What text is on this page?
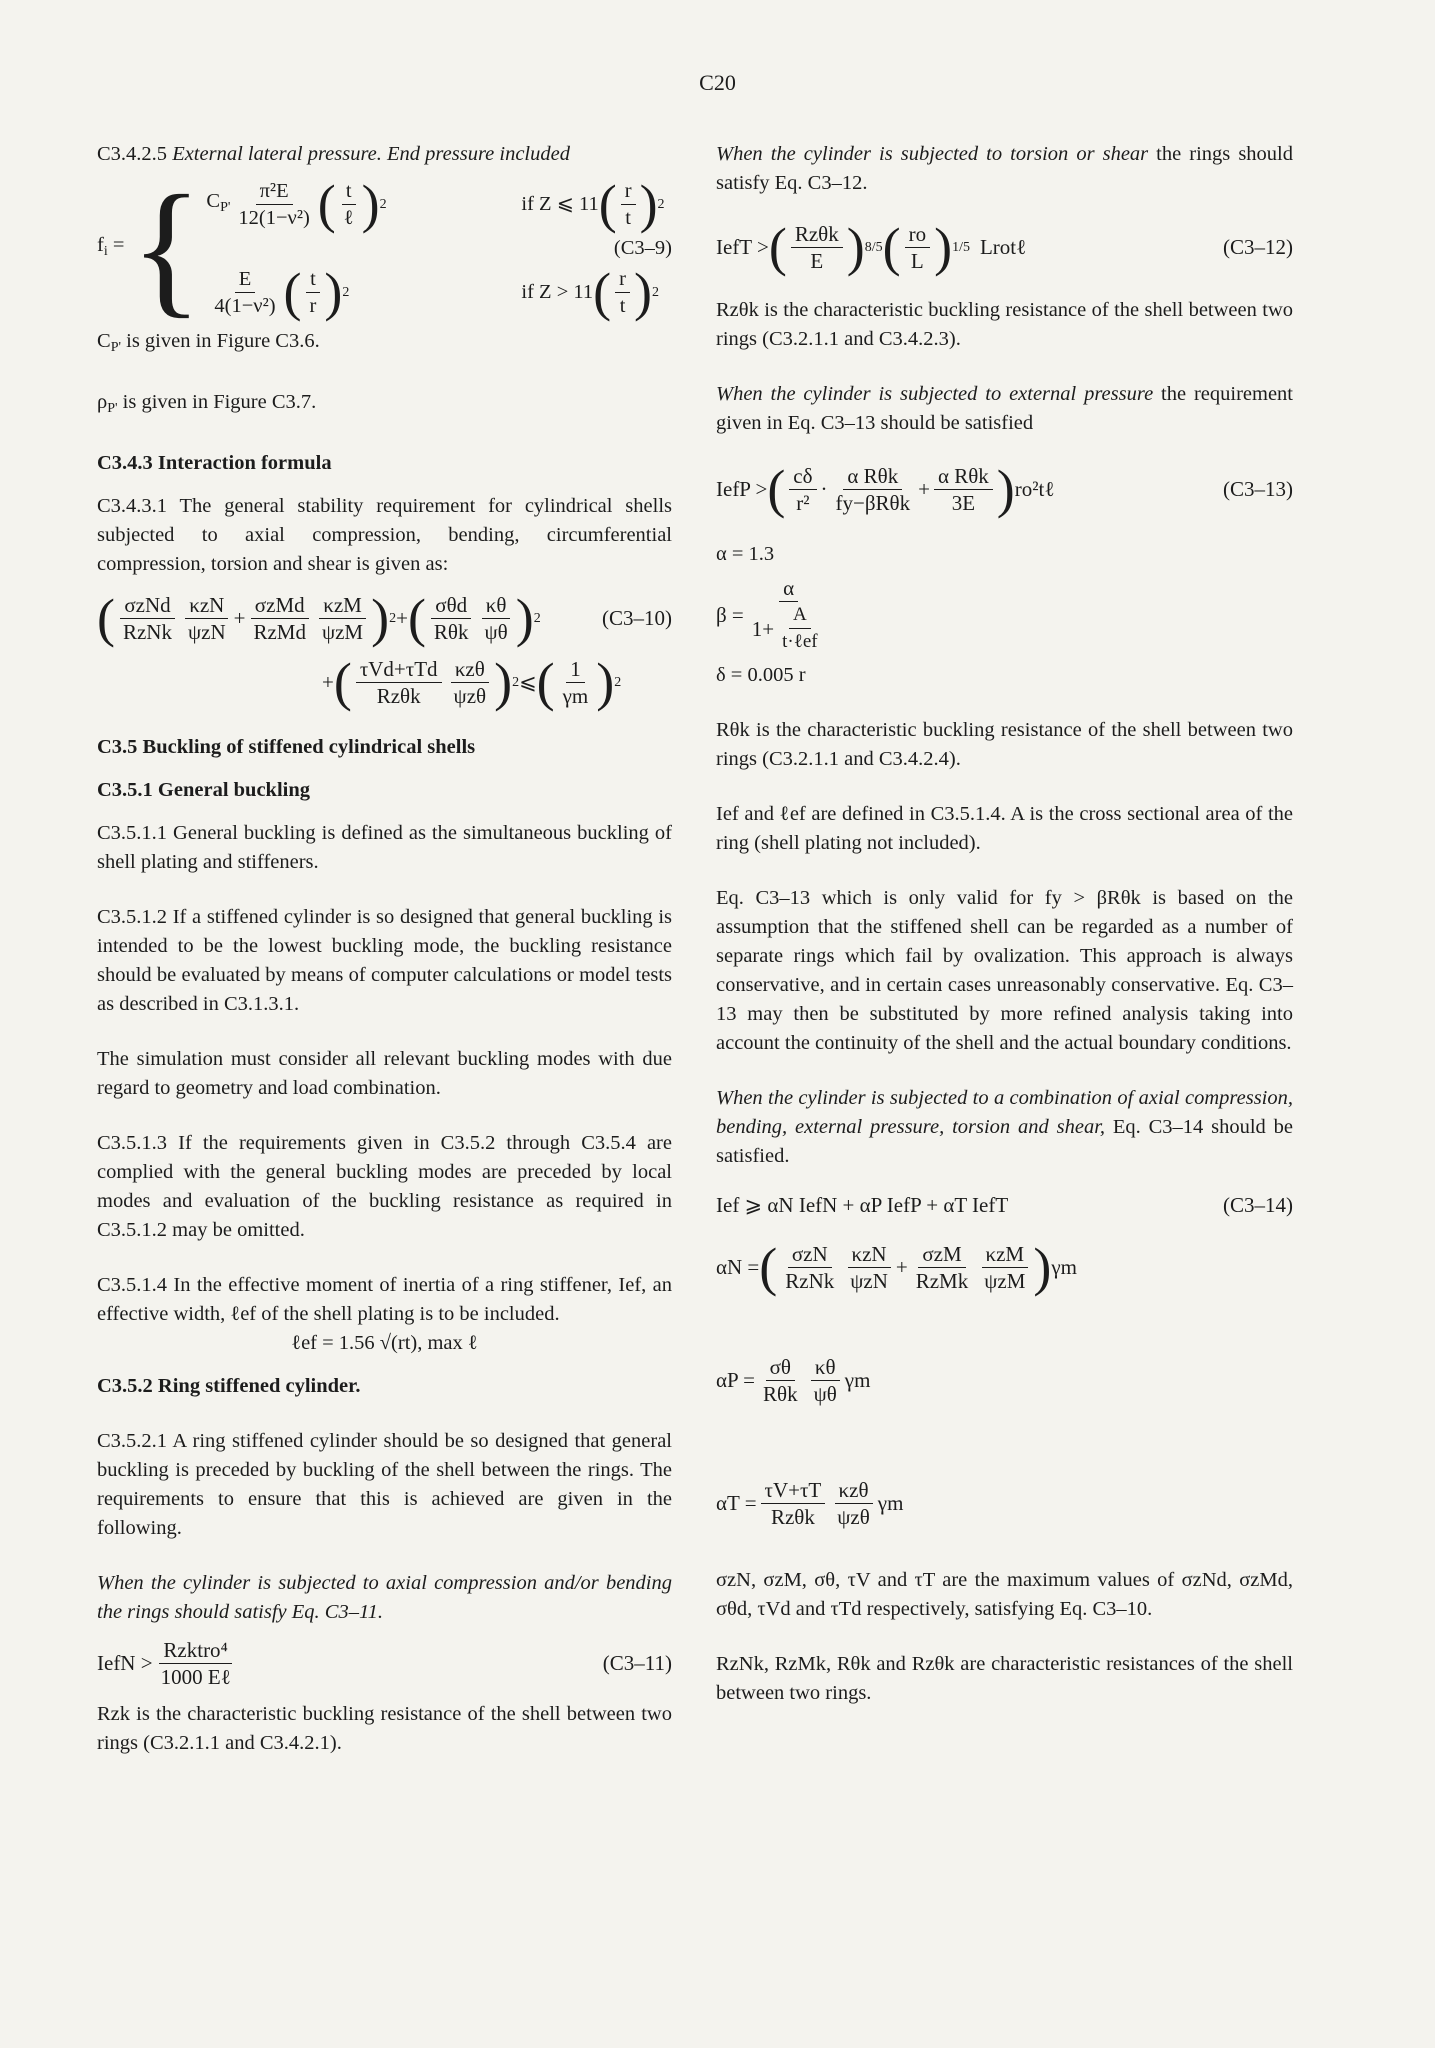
C20

C3.4.2.5 External lateral pressure. End pressure included

$f_i$ = { $C_{P'} \frac{\text{π²E}}{\text{12(1−ν²)}}$ ( $\frac{t}{\text{ℓ}}$ ) 2	if Z ⩽ 11 ( $\frac{r}{t}$ ) 2
$\frac{E}{\text{4(1−ν²)}}$ ( $\frac{t}{r}$ ) 2	if Z > 11 ( $\frac{r}{t}$ ) 2
(C3–9)

$C_{P'}$ is given in Figure C3.6.

$\rho_{P'}$ is given in Figure C3.7.

C3.4.3 Interaction formula

C3.4.3.1 The general stability requirement for cylindrical shells subjected to axial compression, bending, circumferential compression, torsion and shear is given as:

( $\frac{\text{σzNd}}{\text{RzNk}} \frac{\text{κzN}}{\text{ψzN}} + \frac{\text{σzMd}}{\text{RzMd}} \frac{\text{κzM}}{\text{ψzM}}$ ) 2 + ( $\frac{\text{σθd}}{\text{Rθk}} \frac{\kappa\theta}{\psi\theta}$ ) 2	(C3–10)
+ ( $\frac{\text{τVd+τTd}}{\text{Rzθk}} \frac{\text{κzθ}}{\text{ψzθ}}$ ) 2 ⩽ ( $\frac{1}{\gamma m}$ ) 2

C3.5 Buckling of stiffened cylindrical shells

C3.5.1 General buckling

C3.5.1.1 General buckling is defined as the simultaneous buckling of shell plating and stiffeners.

C3.5.1.2 If a stiffened cylinder is so designed that general buckling is intended to be the lowest buckling mode, the buckling resistance should be evaluated by means of computer calculations or model tests as described in C3.1.3.1.

The simulation must consider all relevant buckling modes with due regard to geometry and load combination.

C3.5.1.3 If the requirements given in C3.5.2 through C3.5.4 are complied with the general buckling modes are preceded by local modes and evaluation of the buckling resistance as required in C3.5.1.2 may be omitted.

C3.5.1.4 In the effective moment of inertia of a ring stiffener, Ief, an effective width, ℓef of the shell plating is to be included.

ℓef = 1.56 √(rt), max ℓ

C3.5.2 Ring stiffened cylinder.

C3.5.2.1 A ring stiffened cylinder should be so designed that general buckling is preceded by buckling of the shell between the rings. The requirements to ensure that this is achieved are given in the following.

When the cylinder is subjected to axial compression and/or bending the rings should satisfy Eq. C3–11.

IefN > $\frac{\text{Rzktro⁴}}{\text{1000 Eℓ}}$	(C3–11)

Rzk is the characteristic buckling resistance of the shell between two rings (C3.2.1.1 and C3.4.2.1).

When the cylinder is subjected to torsion or shear the rings should satisfy Eq. C3–12.

IefT > ( $\frac{\text{Rzθk}}{E}$ ) 8/5 ( $\frac{ro}{L}$ ) 1/5 Lrotℓ	(C3–12)

Rzθk is the characteristic buckling resistance of the shell between two rings (C3.2.1.1 and C3.4.2.3).

When the cylinder is subjected to external pressure the requirement given in Eq. C3–13 should be satisfied

IefP > ( $\frac{c\delta}{\text{r²}} \cdot \frac{\text{α Rθk}}{\text{fy−βRθk}} + \frac{\text{α Rθk}}{3E}$ ) ro²tℓ	(C3–13)

α = 1.3

$\beta = \frac{\alpha}{1+ \frac{A}{\text{t·ℓef}}}$

δ = 0.005 r

Rθk is the characteristic buckling resistance of the shell between two rings (C3.2.1.1 and C3.4.2.4).

Ief and ℓef are defined in C3.5.1.4. A is the cross sectional area of the ring (shell plating not included).

Eq. C3–13 which is only valid for fy > βRθk is based on the assumption that the stiffened shell can be regarded as a number of separate rings which fail by ovalization. This approach is always conservative, and in certain cases unreasonably conservative. Eq. C3–13 may then be substituted by more refined analysis taking into account the continuity of the shell and the actual boundary conditions.

When the cylinder is subjected to a combination of axial compression, bending, external pressure, torsion and shear, Eq. C3–14 should be satisfied.

Ief ⩾ αN IefN + αP IefP + αT IefT	(C3–14)
αN = ( $\frac{\text{σzN}}{\text{RzNk}} \frac{\text{κzN}}{\text{ψzN}} + \frac{\text{σzM}}{\text{RzMk}} \frac{\text{κzM}}{\text{ψzM}}$ ) γm
$\alpha P = \frac{\sigma\theta}{\text{Rθk}} \frac{\kappa\theta}{\psi\theta}$ γm
$\alpha T = \frac{\tau V+\tau T}{\text{Rzθk}} \frac{\text{κzθ}}{\text{ψzθ}}$ γm

σzN, σzM, σθ, τV and τT are the maximum values of σzNd, σzMd, σθd, τVd and τTd respectively, satisfying Eq. C3–10.

RzNk, RzMk, Rθk and Rzθk are characteristic resistances of the shell between two rings.
